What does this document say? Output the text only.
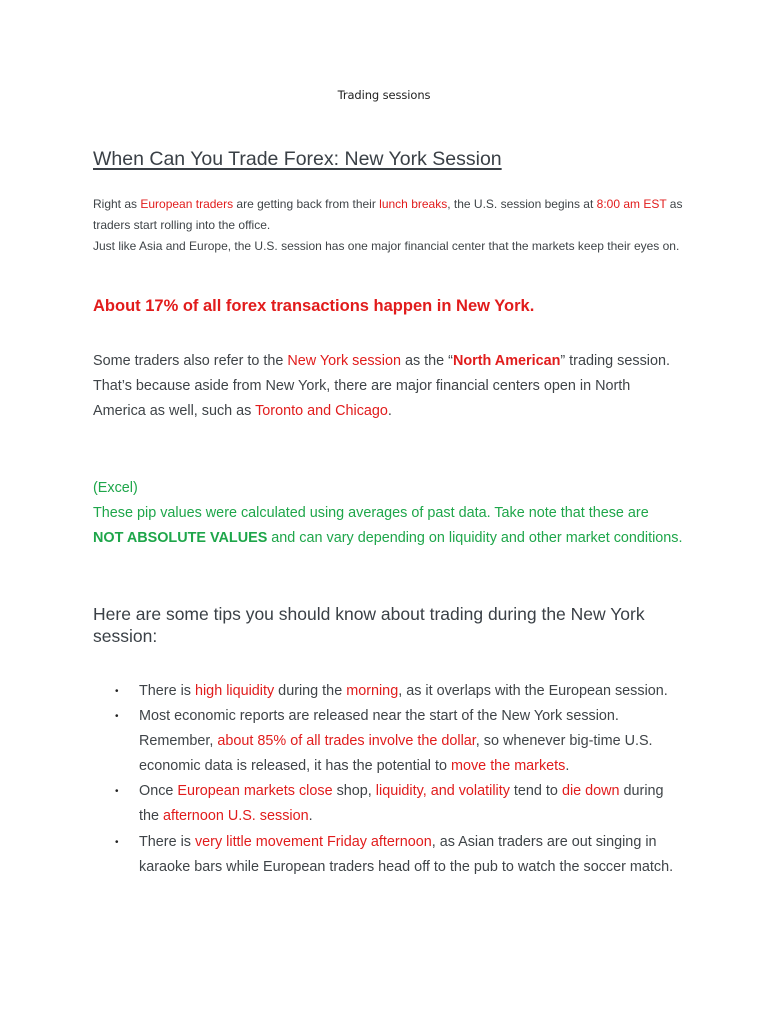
Trading sessions
When Can You Trade Forex: New York Session

Right as European traders are getting back from their lunch breaks, the U.S. session begins at 8:00 am EST as traders start rolling into the office.

Just like Asia and Europe, the U.S. session has one major financial center that the markets keep their eyes on.

About 17% of all forex transactions happen in New York.

Some traders also refer to the New York session as the “North American” trading session.

That’s because aside from New York, there are major financial centers open in North America as well, such as Toronto and Chicago.

(Excel)

These pip values were calculated using averages of past data. Take note that these are NOT ABSOLUTE VALUES and can vary depending on liquidity and other market conditions.

Here are some tips you should know about trading during the New York session:
• There is high liquidity during the morning, as it overlaps with the European session.
• Most economic reports are released near the start of the New York session. Remember, about 85% of all trades involve the dollar, so whenever big-time U.S. economic data is released, it has the potential to move the markets.
• Once European markets close shop, liquidity, and volatility tend to die down during the afternoon U.S. session.
• There is very little movement Friday afternoon, as Asian traders are out singing in karaoke bars while European traders head off to the pub to watch the soccer match.
